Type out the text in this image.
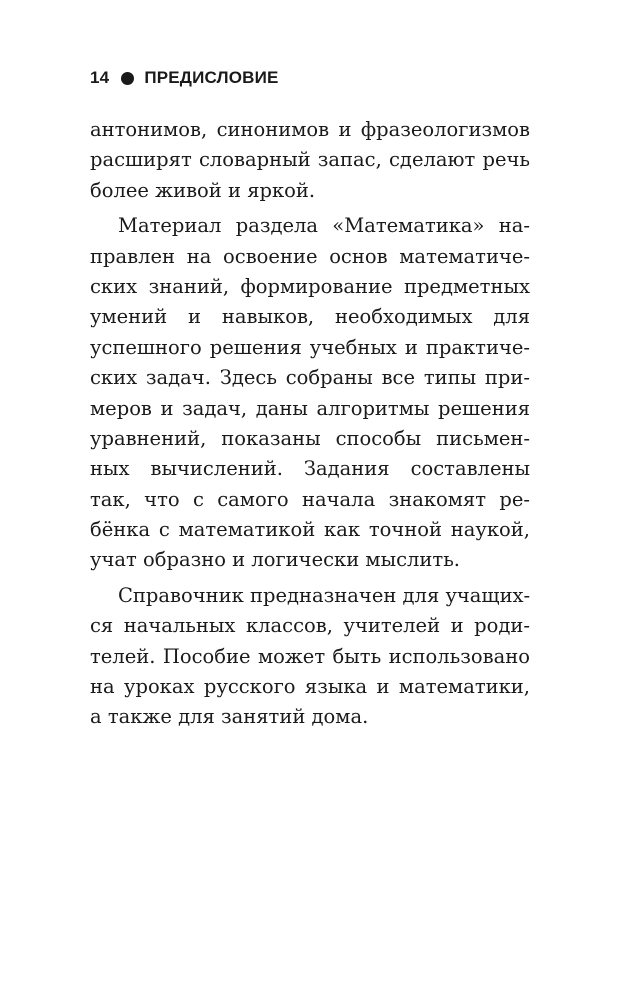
14 ПРЕДИСЛОВИЕ
антонимов, синонимов и фразеологизмов
расширят словарный запас, сделают речь
более живой и яркой.
Материал раздела «Математика» на-
правлен на освоение основ математиче-
ских знаний, формирование предметных
умений и навыков, необходимых для
успешного решения учебных и практиче-
ских задач. Здесь собраны все типы при-
меров и задач, даны алгоритмы решения
уравнений, показаны способы письмен-
ных вычислений. Задания составлены
так, что с самого начала знакомят ре-
бёнка с математикой как точной наукой,
учат образно и логически мыслить.
Справочник предназначен для учащих-
ся начальных классов, учителей и роди-
телей. Пособие может быть использовано
на уроках русского языка и математики,
а также для занятий дома.
